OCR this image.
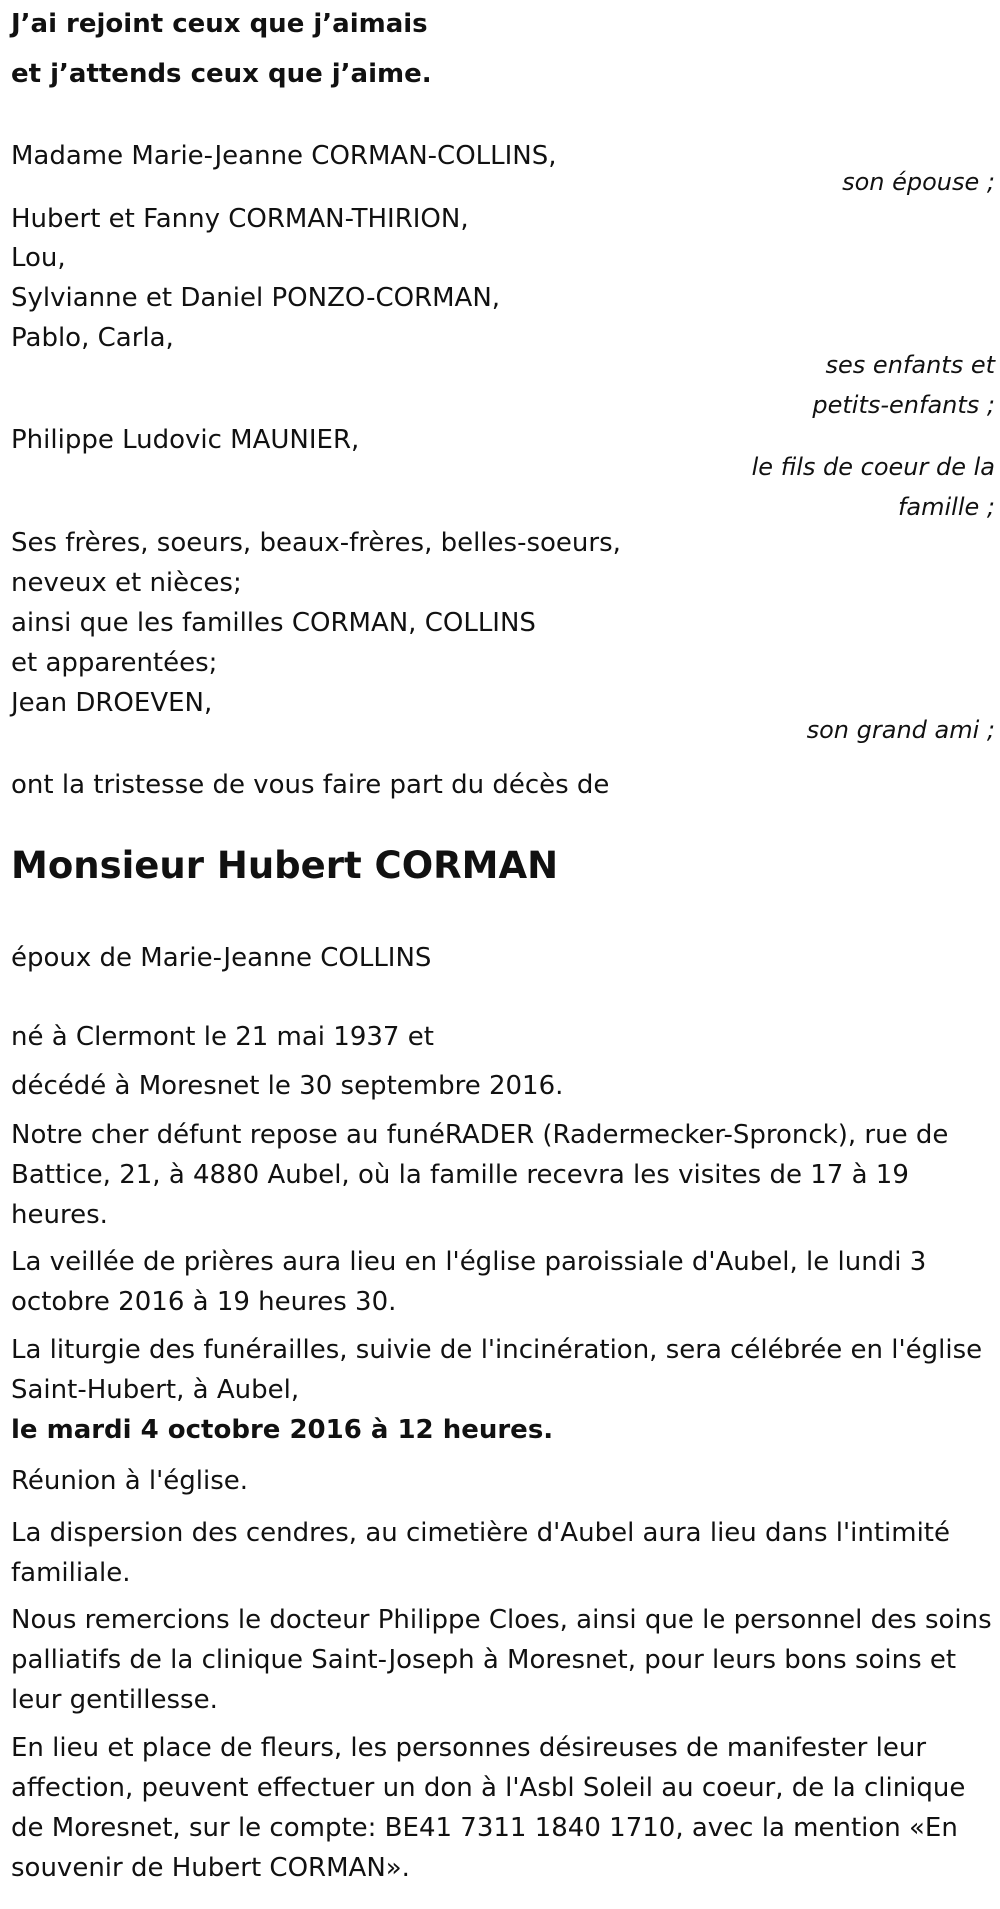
J’ai rejoint ceux que j’aimais
et j’attends ceux que j’aime.
Madame Marie-Jeanne CORMAN-COLLINS,
son épouse ;
Hubert et Fanny CORMAN-THIRION,
Lou,
Sylvianne et Daniel PONZO-CORMAN,
Pablo, Carla,
ses enfants et
petits-enfants ;
Philippe Ludovic MAUNIER,
le fils de coeur de la
famille ;
Ses frères, soeurs, beaux-frères, belles-soeurs,
neveux et nièces;
ainsi que les familles CORMAN, COLLINS
et apparentées;
Jean DROEVEN,
son grand ami ;
ont la tristesse de vous faire part du décès de
Monsieur Hubert CORMAN
époux de Marie-Jeanne COLLINS
né à Clermont le 21 mai 1937 et
décédé à Moresnet le 30 septembre 2016.
Notre cher défunt repose au funéRADER (Radermecker-Spronck), rue de Battice, 21, à 4880 Aubel, où la famille recevra les visites de 17 à 19 heures.
La veillée de prières aura lieu en l'église paroissiale d'Aubel, le lundi 3 octobre 2016 à 19 heures 30.
La liturgie des funérailles, suivie de l'incinération, sera célébrée en l'église Saint-Hubert, à Aubel,
le mardi 4 octobre 2016 à 12 heures.
Réunion à l'église.
La dispersion des cendres, au cimetière d'Aubel aura lieu dans l'intimité familiale.
Nous remercions le docteur Philippe Cloes, ainsi que le personnel des soins palliatifs de la clinique Saint-Joseph à Moresnet, pour leurs bons soins et leur gentillesse.
En lieu et place de fleurs, les personnes désireuses de manifester leur affection, peuvent effectuer un don à l'Asbl Soleil au coeur, de la clinique de Moresnet, sur le compte: BE41 7311 1840 1710, avec la mention «En souvenir de Hubert CORMAN».
